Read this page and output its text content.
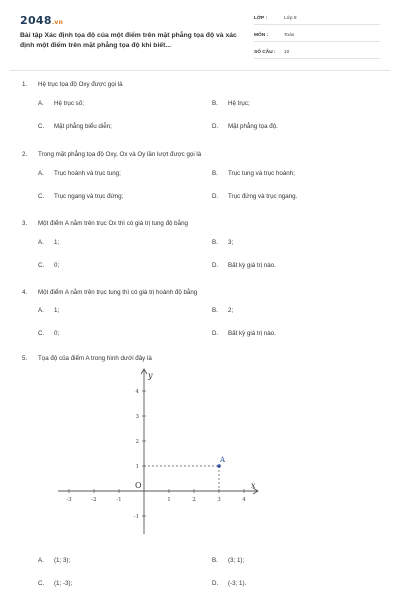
2048.vn
Bài tập Xác định tọa độ của một điểm trên mặt phẳng tọa độ và xác định một điểm trên mặt phẳng tọa độ khi biết...
LỚP :	Lớp 8
MÔN :	Toán
SỐ CÂU : 10
1. Hệ trục tọa độ Oxy được gọi là
A. Hệ trục số;	B. Hệ trục;
C. Mặt phẳng biểu diễn;	D. Mặt phẳng tọa độ.
2. Trong mặt phẳng tọa độ Oxy, Ox và Oy lần lượt được gọi là
A. Trục hoành và trục tung;	B. Trục tung và trục hoành;
C. Trục ngang và trục đứng;	D. Trục đứng và trục ngang.
3. Một điểm A nằm trên trục Ox thì có giá trị tung độ bằng
A. 1;	B. 3;
C. 0;	D. Bất kỳ giá trị nào.
4. Một điểm A nằm trên trục tung thì có giá trị hoành độ bằng
A. 1;	B. 2;
C. 0;	D. Bất kỳ giá trị nào.
5. Tọa độ của điểm A trong hình dưới đây là
y
x
O
-3	-2	-1	1	2	3	4
4
3
2
1
-1
A
A. (1; 3);	B. (3; 1);
C. (1; -3);	D. (-3; 1).
